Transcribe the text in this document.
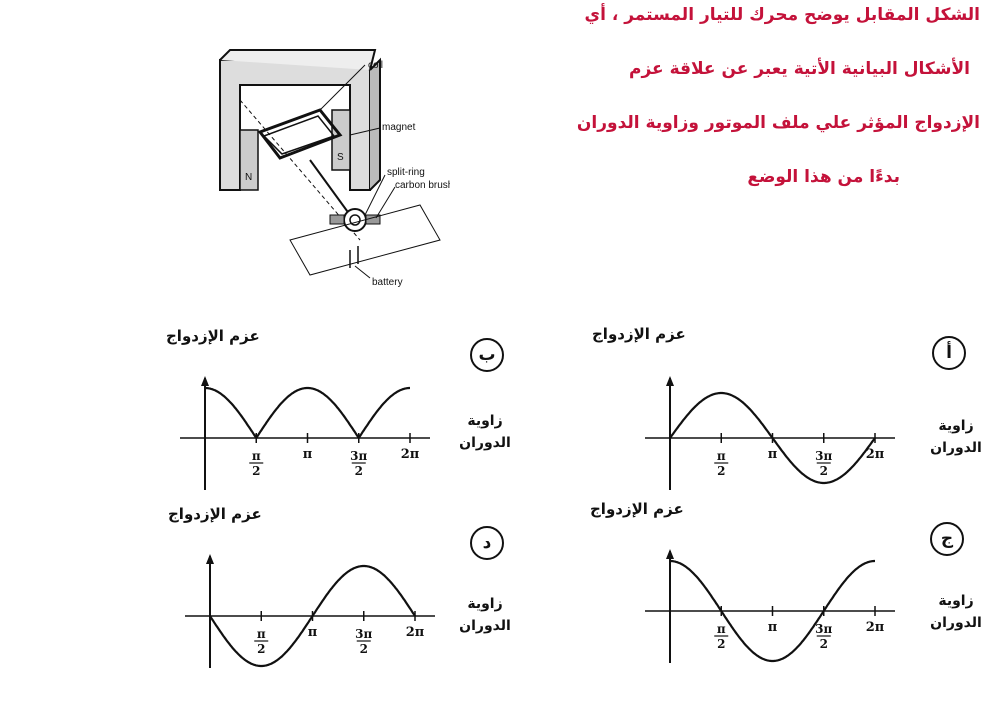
الشكل المقابل يوضح محرك للتيار المستمر ، أي
الأشكال البيانية الأتية يعبر عن علاقة عزم
الإزدواج المؤثر علي ملف الموتور وزاوية الدوران
بدءًا من هذا الوضع
N
S
coil
magnet
split-ring
carbon brush
battery
عزم الإزدواج
أ
زاوية
الدوران
π
2
π	3π
2
2π
عزم الإزدواج
ب
زاوية
الدوران
π
2
π	3π
2
2π
عزم الإزدواج
ج
زاوية
الدوران
π
2
π	3π
2
2π
عزم الإزدواج
د
زاوية
الدوران
π
2
π	3π
2
2π
